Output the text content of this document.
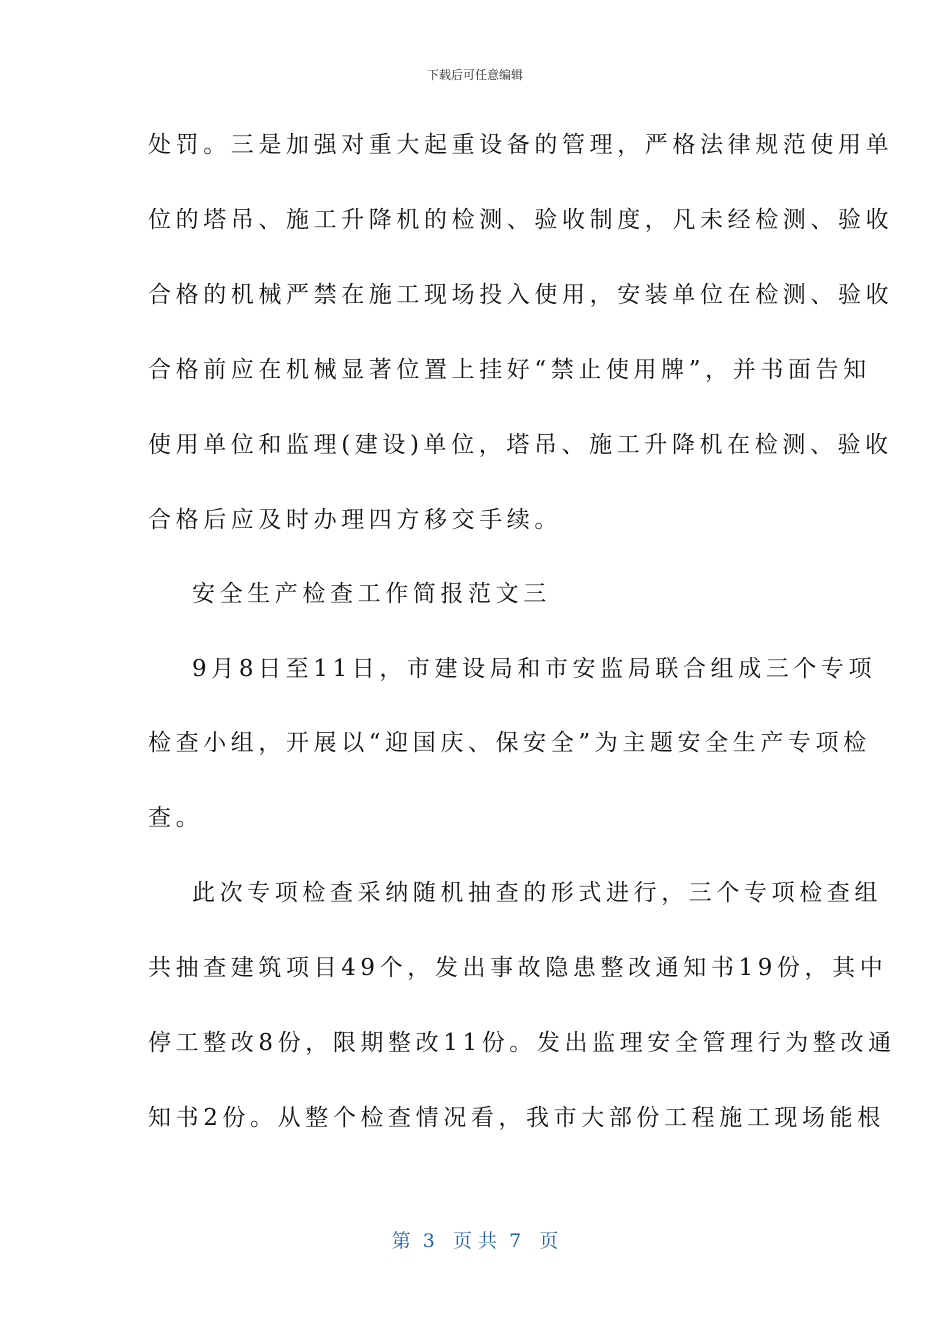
下载后可任意编辑
处罚。三是加强对重大起重设备的管理，严格法律规范使用单
位的塔吊、施工升降机的检测、验收制度，凡未经检测、验收
合格的机械严禁在施工现场投入使用，安装单位在检测、验收
合格前应在机械显著位置上挂好“禁止使用牌”，并书面告知
使用单位和监理(建设)单位，塔吊、施工升降机在检测、验收
合格后应及时办理四方移交手续。
安全生产检查工作简报范文三
9月8日至11日，市建设局和市安监局联合组成三个专项
检查小组，开展以“迎国庆、保安全”为主题安全生产专项检
查。
此次专项检查采纳随机抽查的形式进行，三个专项检查组
共抽查建筑项目49个，发出事故隐患整改通知书19份，其中
停工整改8份，限期整改11份。发出监理安全管理行为整改通
知书2份。从整个检查情况看，我市大部份工程施工现场能根
第  3   页 共  7   页
